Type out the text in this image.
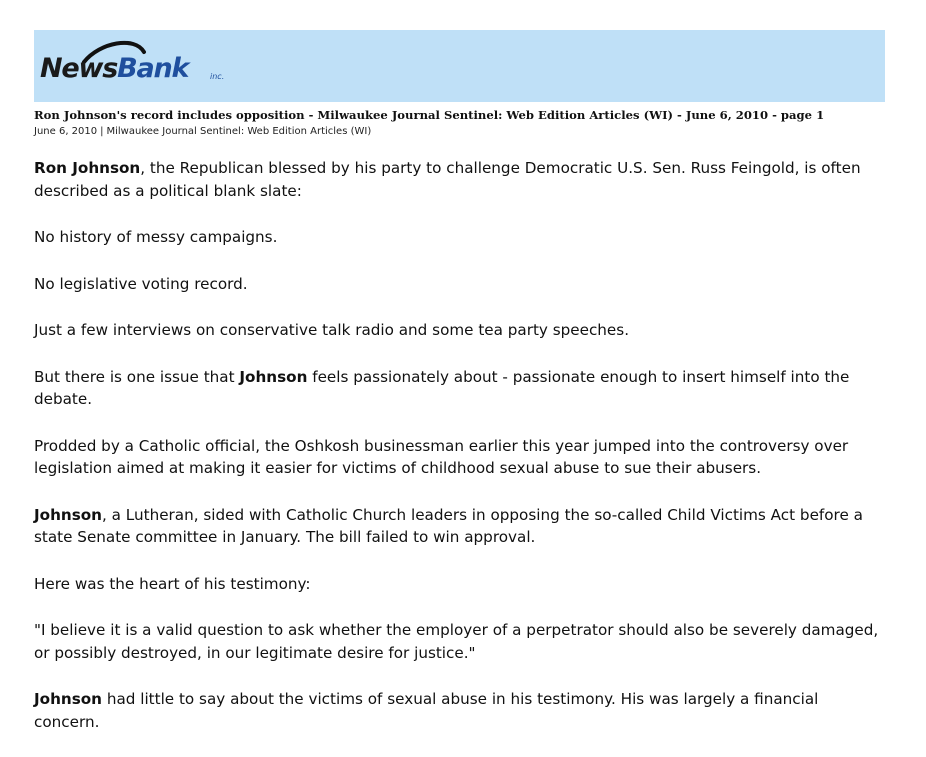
NewsBank	inc.
Ron Johnson's record includes opposition - Milwaukee Journal Sentinel: Web Edition Articles (WI) - June 6, 2010 - page 1
June 6, 2010 | Milwaukee Journal Sentinel: Web Edition Articles (WI)

Ron Johnson, the Republican blessed by his party to challenge Democratic U.S. Sen. Russ Feingold, is often described as a political blank slate:

No history of messy campaigns.

No legislative voting record.

Just a few interviews on conservative talk radio and some tea party speeches.

But there is one issue that Johnson feels passionately about - passionate enough to insert himself into the debate.

Prodded by a Catholic official, the Oshkosh businessman earlier this year jumped into the controversy over legislation aimed at making it easier for victims of childhood sexual abuse to sue their abusers.

Johnson, a Lutheran, sided with Catholic Church leaders in opposing the so-called Child Victims Act before a state Senate committee in January. The bill failed to win approval.

Here was the heart of his testimony:

"I believe it is a valid question to ask whether the employer of a perpetrator should also be severely damaged, or possibly destroyed, in our legitimate desire for justice."

Johnson had little to say about the victims of sexual abuse in his testimony. His was largely a financial concern.
